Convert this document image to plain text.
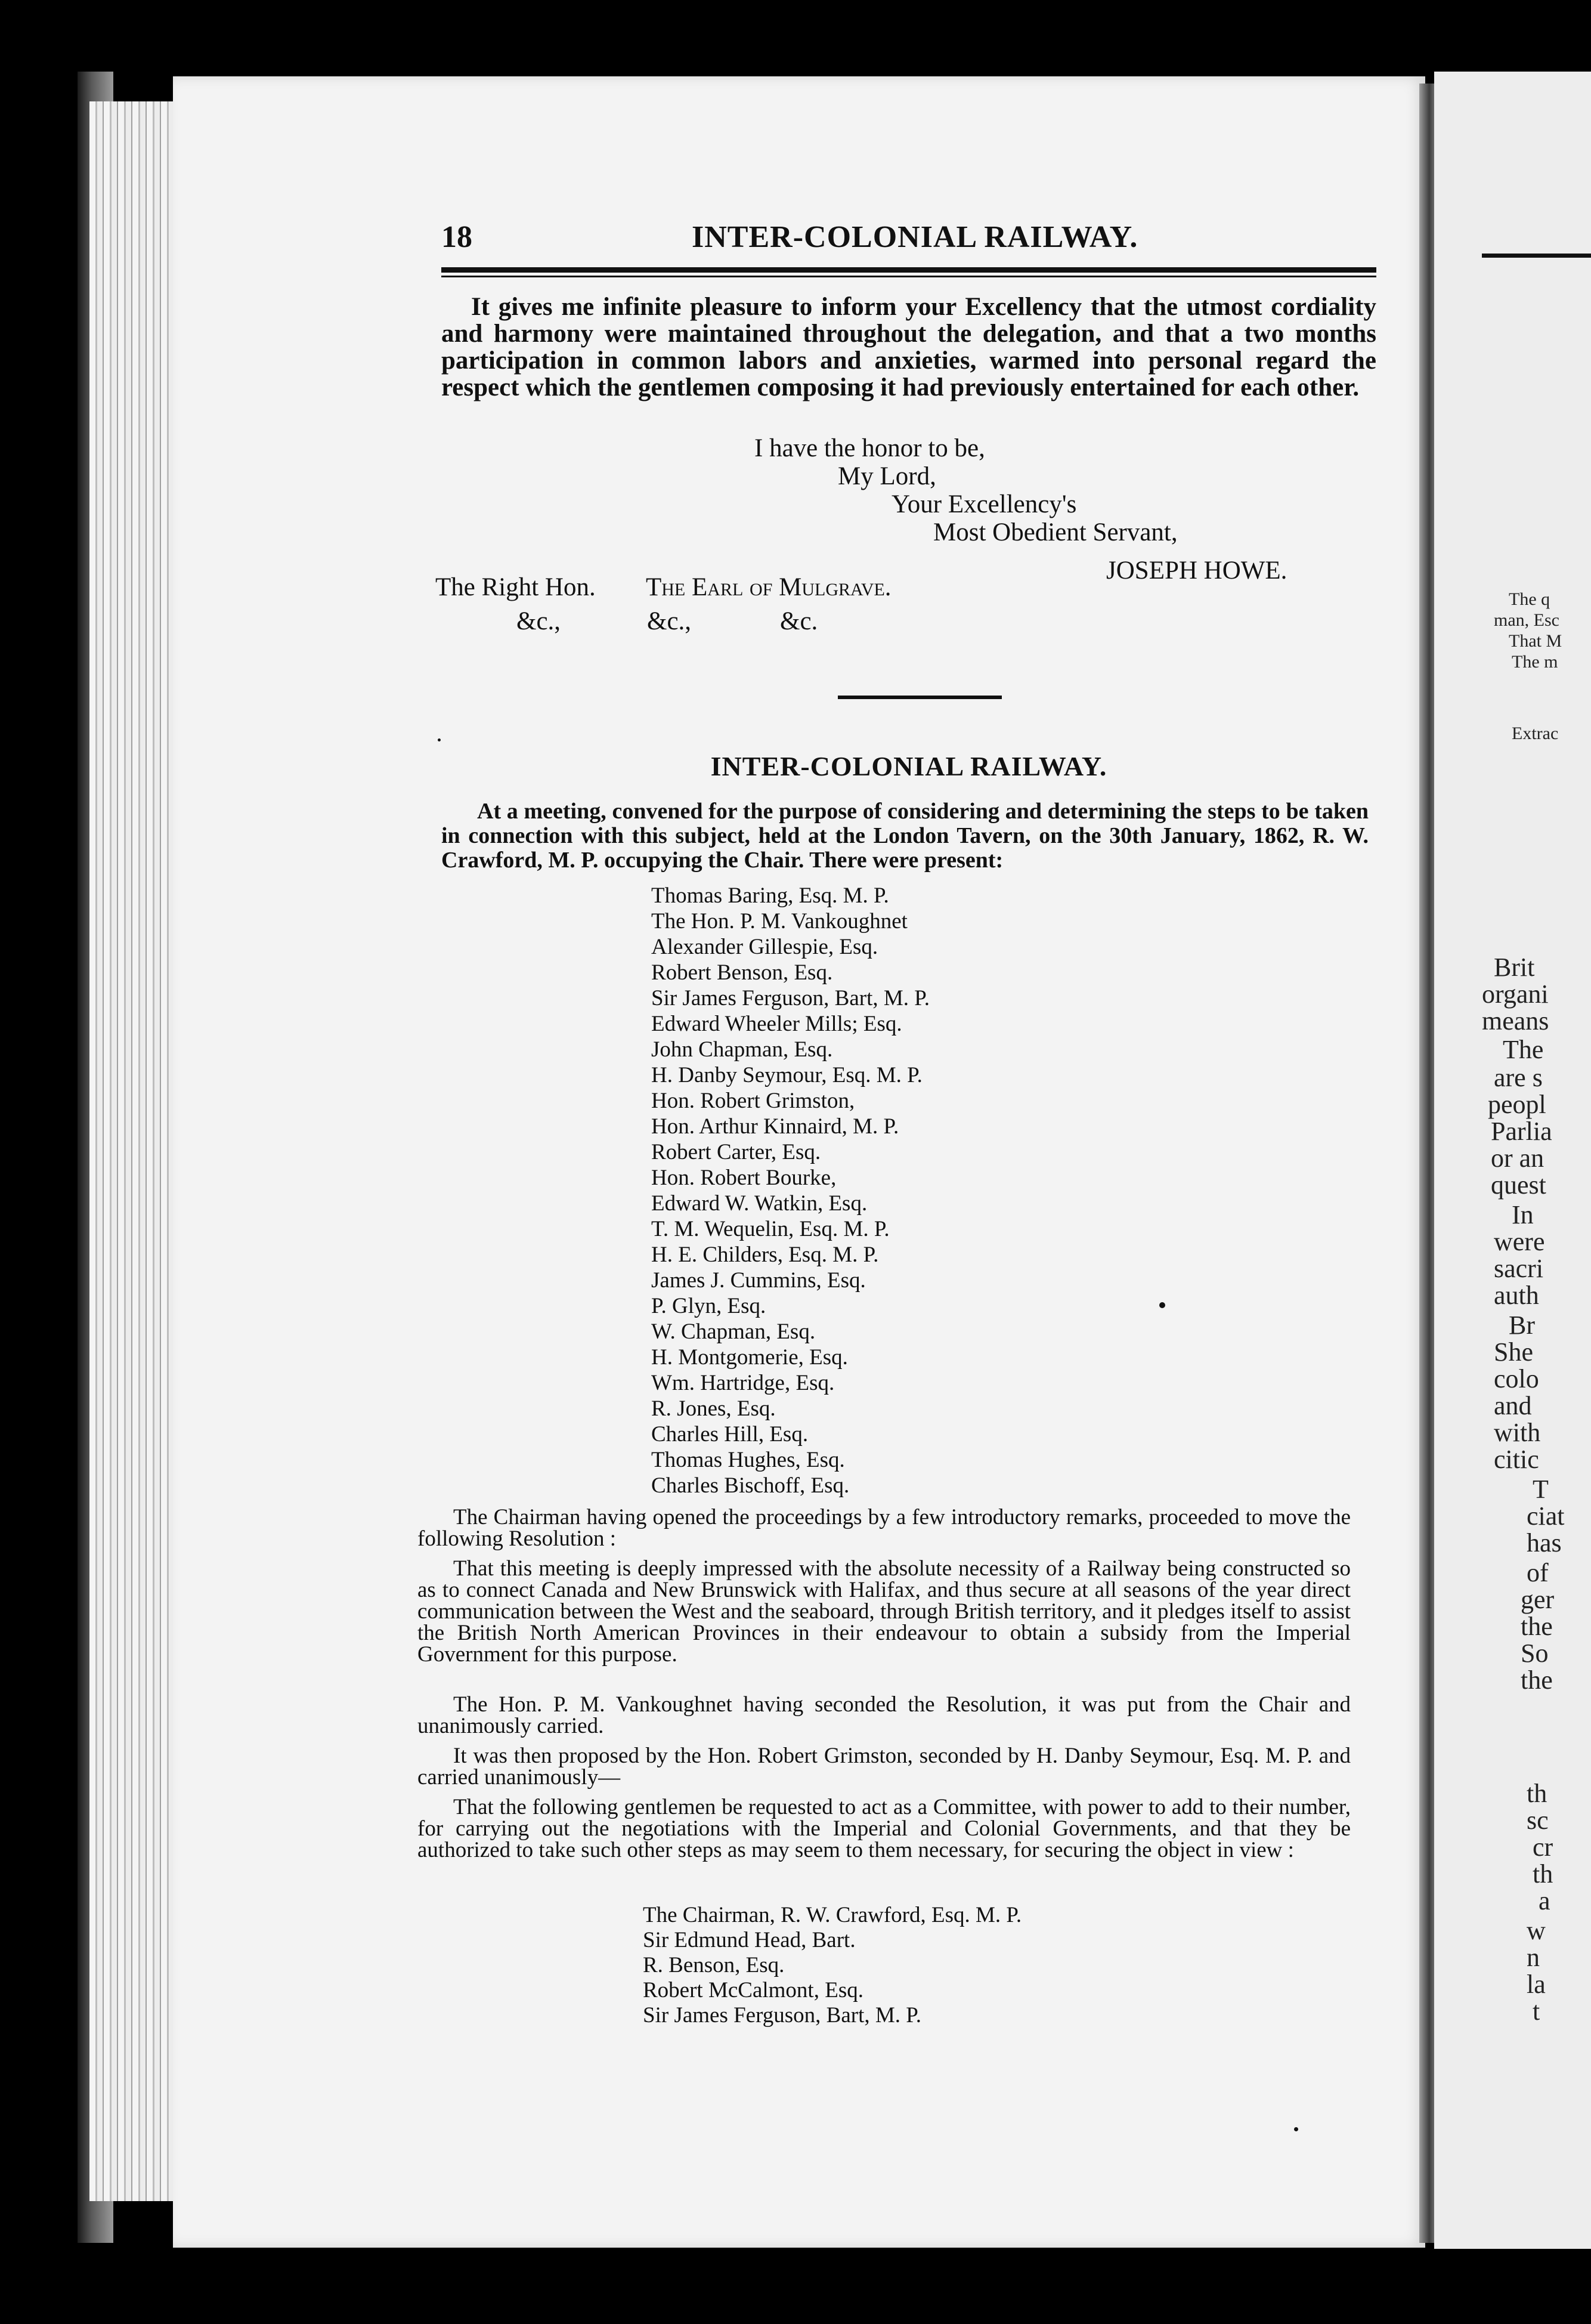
The q
man, Esc
That M
The m
Extrac
Brit
organi
means
The
are s
peopl
Parlia
or an
quest
In
were
sacri
auth
Br
She
colo
and
with
citic
T
ciat
has
of
ger
the
So
the
th
sc
cr
th
a
w
n
la
t
18	INTER-COLONIAL RAILWAY.
It gives me infinite pleasure to inform your Excellency that the utmost cordiality and harmony were maintained throughout the delegation, and that a two months participation in common labors and anxieties, warmed into personal regard the respect which the gentlemen composing it had previously entertained for each other.
I have the honor to be,
My Lord,
Your Excellency's
Most Obedient Servant,
JOSEPH HOWE.
The Right Hon. The Earl of Mulgrave.
&c.,	&c.,	&c.
INTER-COLONIAL RAILWAY.
At a meeting, convened for the purpose of considering and determining the steps to be taken in connection with this subject, held at the London Tavern, on the 30th January, 1862, R. W. Crawford, M. P. occupying the Chair. There were present:
Thomas Baring, Esq. M. P.
The Hon. P. M. Vankoughnet
Alexander Gillespie, Esq.
Robert Benson, Esq.
Sir James Ferguson, Bart, M. P.
Edward Wheeler Mills; Esq.
John Chapman, Esq.
H. Danby Seymour, Esq. M. P.
Hon. Robert Grimston,
Hon. Arthur Kinnaird, M. P.
Robert Carter, Esq.
Hon. Robert Bourke,
Edward W. Watkin, Esq.
T. M. Wequelin, Esq. M. P.
H. E. Childers, Esq. M. P.
James J. Cummins, Esq.
P. Glyn, Esq.
W. Chapman, Esq.
H. Montgomerie, Esq.
Wm. Hartridge, Esq.
R. Jones, Esq.
Charles Hill, Esq.
Thomas Hughes, Esq.
Charles Bischoff, Esq.

The Chairman having opened the proceedings by a few introductory remarks, proceeded to move the following Resolution :

That this meeting is deeply impressed with the absolute necessity of a Railway being constructed so as to connect Canada and New Brunswick with Halifax, and thus secure at all seasons of the year direct communication between the West and the seaboard, through British territory, and it pledges itself to assist the British North American Provinces in their endeavour to obtain a subsidy from the Imperial Government for this purpose.

The Hon. P. M. Vankoughnet having seconded the Resolution, it was put from the Chair and unanimously carried.

It was then proposed by the Hon. Robert Grimston, seconded by H. Danby Seymour, Esq. M. P. and carried unanimously—

That the following gentlemen be requested to act as a Committee, with power to add to their number, for carrying out the negotiations with the Imperial and Colonial Governments, and that they be authorized to take such other steps as may seem to them necessary, for securing the object in view :

The Chairman, R. W. Crawford, Esq. M. P.
Sir Edmund Head, Bart.
R. Benson, Esq.
Robert McCalmont, Esq.
Sir James Ferguson, Bart, M. P.
